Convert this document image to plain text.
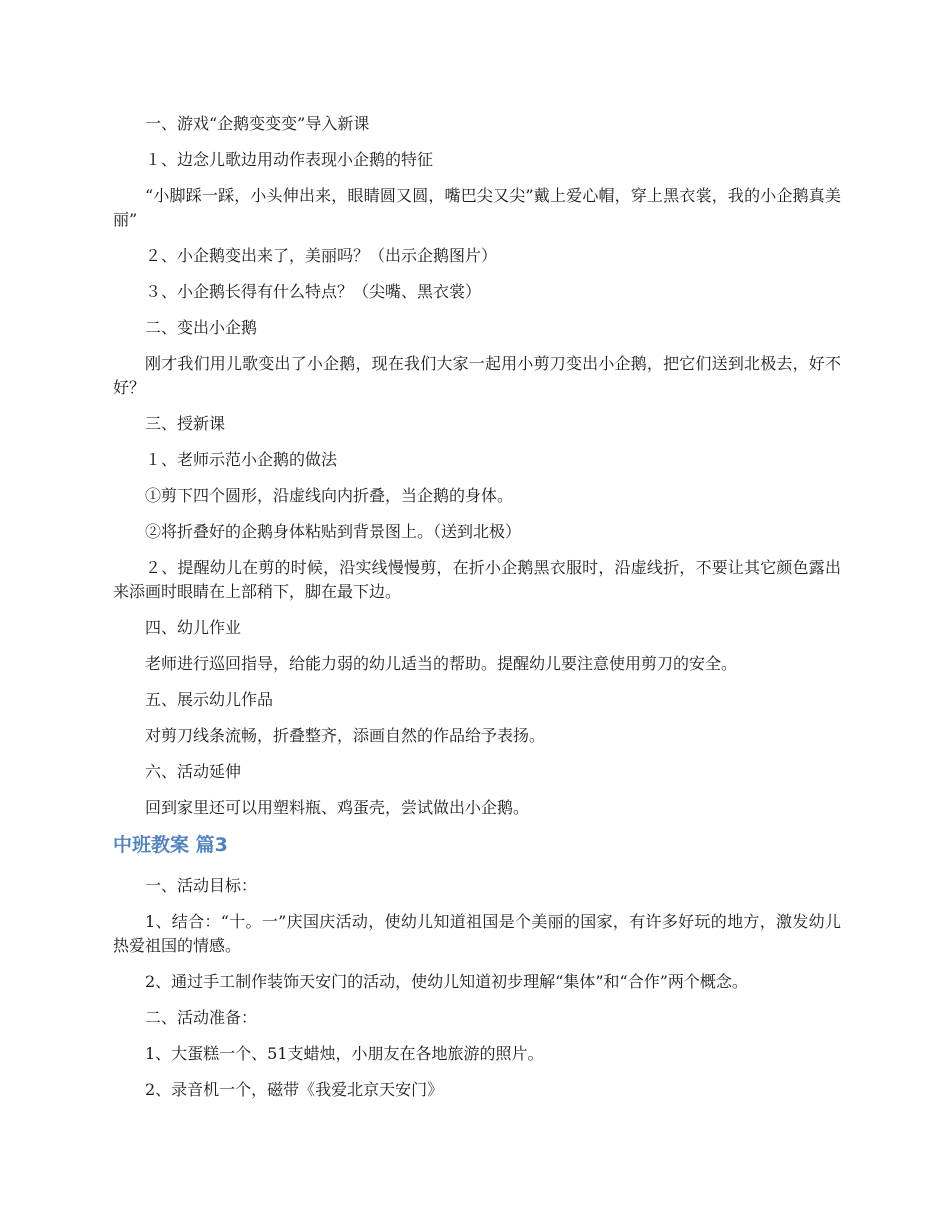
一、游戏“企鹅变变变”导入新课

１、边念儿歌边用动作表现小企鹅的特征

“小脚踩一踩，小头伸出来，眼睛圆又圆，嘴巴尖又尖”戴上爱心帽，穿上黑衣裳，我的小企鹅真美丽”

２、小企鹅变出来了，美丽吗？（出示企鹅图片）

３、小企鹅长得有什么特点？（尖嘴、黑衣裳）

二、变出小企鹅

刚才我们用儿歌变出了小企鹅，现在我们大家一起用小剪刀变出小企鹅，把它们送到北极去，好不好？

三、授新课

１、老师示范小企鹅的做法

①剪下四个圆形，沿虚线向内折叠，当企鹅的身体。

②将折叠好的企鹅身体粘贴到背景图上。（送到北极）

２、提醒幼儿在剪的时候，沿实线慢慢剪，在折小企鹅黑衣服时，沿虚线折，不要让其它颜色露出来添画时眼睛在上部稍下，脚在最下边。

四、幼儿作业

老师进行巡回指导，给能力弱的幼儿适当的帮助。提醒幼儿要注意使用剪刀的安全。

五、展示幼儿作品

对剪刀线条流畅，折叠整齐，添画自然的作品给予表扬。

六、活动延伸

回到家里还可以用塑料瓶、鸡蛋壳，尝试做出小企鹅。

中班教案 篇3

一、活动目标：

1、结合：“十。一”庆国庆活动，使幼儿知道祖国是个美丽的国家，有许多好玩的地方，激发幼儿热爱祖国的情感。

2、通过手工制作装饰天安门的活动，使幼儿知道初步理解“集体”和“合作”两个概念。

二、活动准备：

1、大蛋糕一个、51支蜡烛，小朋友在各地旅游的照片。

2、录音机一个，磁带《我爱北京天安门》
